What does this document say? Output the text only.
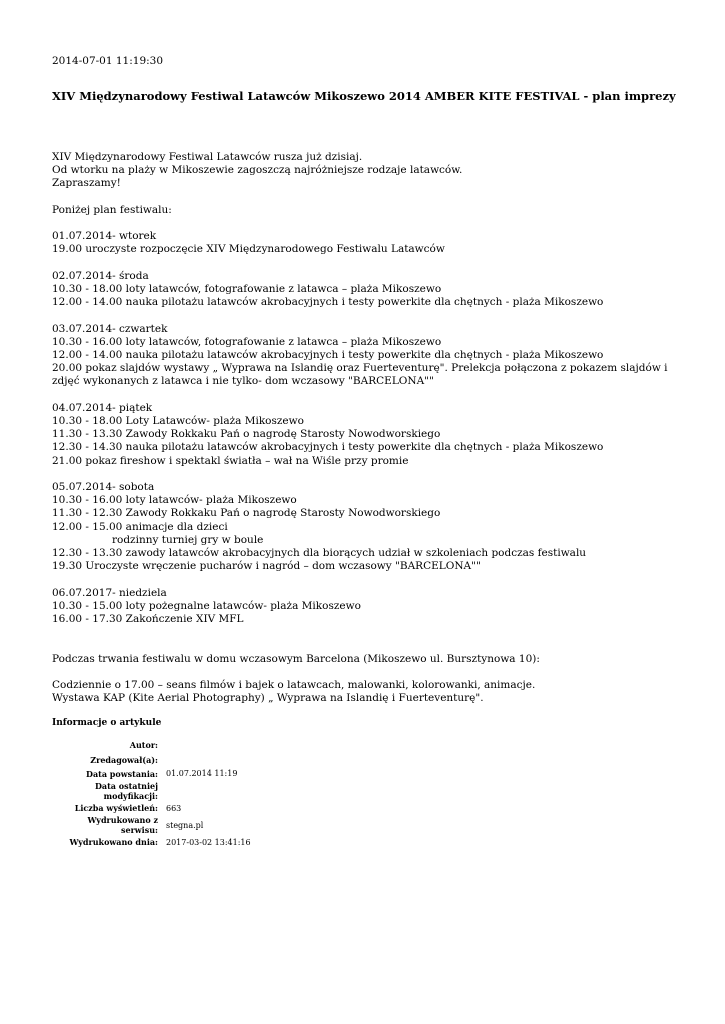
2014-07-01 11:19:30

XIV Międzynarodowy Festiwal Latawców Mikoszewo 2014 AMBER KITE FESTIVAL - plan imprezy
XIV Międzynarodowy Festiwal Latawców rusza już dzisiaj.
Od wtorku na plaży w Mikoszewie zagoszczą najróżniejsze rodzaje latawców.
Zapraszamy!
Poniżej plan festiwalu:
01.07.2014- wtorek
19.00 uroczyste rozpoczęcie XIV Międzynarodowego Festiwalu Latawców
02.07.2014- środa
10.30 - 18.00 loty latawców, fotografowanie z latawca – plaża Mikoszewo
12.00 - 14.00 nauka pilotażu latawców akrobacyjnych i testy powerkite dla chętnych - plaża Mikoszewo
03.07.2014- czwartek
10.30 - 16.00 loty latawców, fotografowanie z latawca – plaża Mikoszewo
12.00 - 14.00 nauka pilotażu latawców akrobacyjnych i testy powerkite dla chętnych - plaża Mikoszewo
20.00 pokaz slajdów wystawy „ Wyprawa na Islandię oraz Fuerteventurę". Prelekcja połączona z pokazem slajdów i zdjęć wykonanych z latawca i nie tylko- dom wczasowy "BARCELONA""
04.07.2014- piątek
10.30 - 18.00 Loty Latawców- plaża Mikoszewo
11.30 - 13.30 Zawody Rokkaku Pań o nagrodę Starosty Nowodworskiego
12.30 - 14.30 nauka pilotażu latawców akrobacyjnych i testy powerkite dla chętnych - plaża Mikoszewo
21.00 pokaz fireshow i spektakl światła – wał na Wiśle przy promie
05.07.2014- sobota
10.30 - 16.00 loty latawców- plaża Mikoszewo
11.30 - 12.30 Zawody Rokkaku Pań o nagrodę Starosty Nowodworskiego
12.00 - 15.00 animacje dla dzieci
rodzinny turniej gry w boule
12.30 - 13.30 zawody latawców akrobacyjnych dla biorących udział w szkoleniach podczas festiwalu
19.30 Uroczyste wręczenie pucharów i nagród – dom wczasowy "BARCELONA""
06.07.2017- niedziela
10.30 - 15.00 loty pożegnalne latawców- plaża Mikoszewo
16.00 - 17.30 Zakończenie XIV MFL
Podczas trwania festiwalu w domu wczasowym Barcelona (Mikoszewo ul. Bursztynowa 10):
Codziennie o 17.00 – seans filmów i bajek o latawcach, malowanki, kolorowanki, animacje.
Wystawa KAP (Kite Aerial Photography) „ Wyprawa na Islandię i Fuerteventurę".
Informacje o artykule
Autor:	
Zredagował(a):	
Data powstania:	01.07.2014 11:19
Data ostatniej modyfikacji:	
Liczba wyświetleń:	663
Wydrukowano z serwisu:	stegna.pl
Wydrukowano dnia:	2017-03-02 13:41:16
